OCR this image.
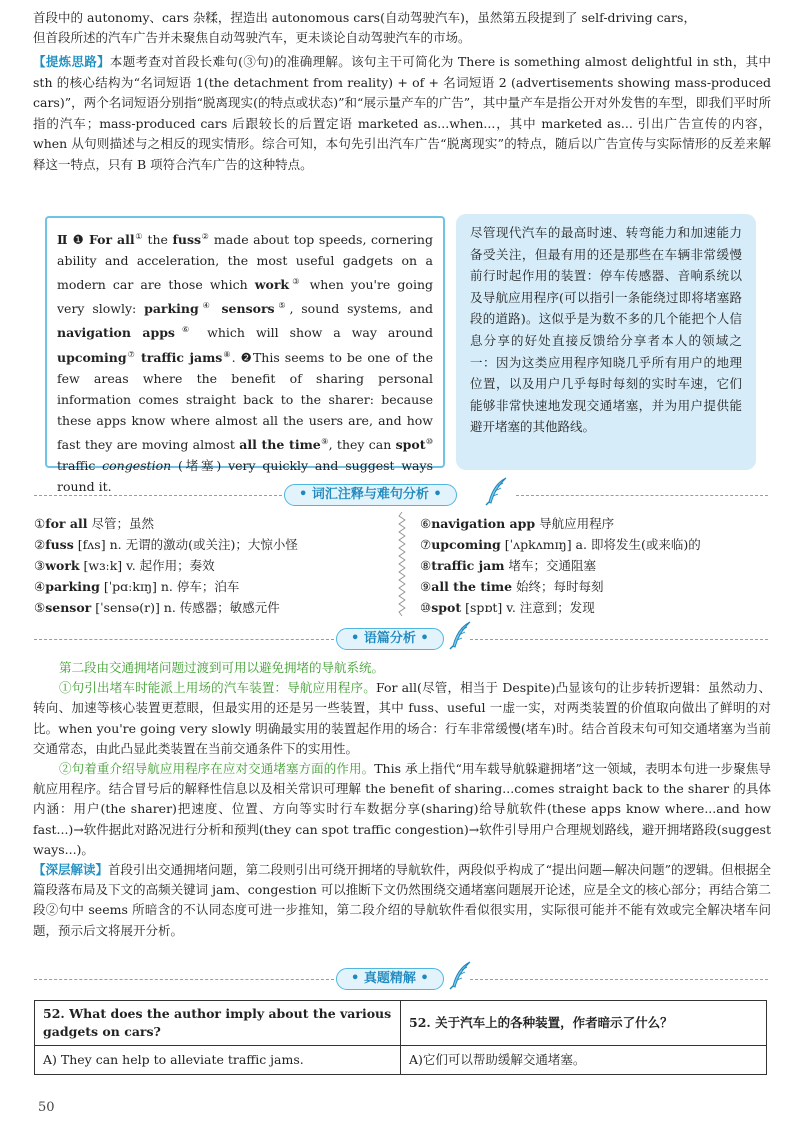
首段中的 autonomy、cars 杂糅，捏造出 autonomous cars(自动驾驶汽车)，虽然第五段提到了 self-driving cars，
但首段所述的汽车广告并未聚焦自动驾驶汽车，更未谈论自动驾驶汽车的市场。
【提炼思路】本题考查对首段长难句(③句)的准确理解。该句主干可简化为 There is something almost delightful in sth，其中 sth 的核心结构为“名词短语 1(the detachment from reality) + of + 名词短语 2 (advertisements showing mass-produced cars)”，两个名词短语分别指“脱离现实(的特点或状态)”和“展示量产车的广告”，其中量产车是指公开对外发售的车型，即我们平时所指的汽车；mass-produced cars 后跟较长的后置定语 marketed as...when...，其中 marketed as... 引出广告宣传的内容，when 从句则描述与之相反的现实情形。综合可知，本句先引出汽车广告“脱离现实”的特点，随后以广告宣传与实际情形的反差来解释这一特点，只有 B 项符合汽车广告的这种特点。
Ⅱ ❶ For all① the fuss② made about top speeds, cornering ability and acceleration, the most useful gadgets on a modern car are those which work③ when you're going very slowly: parking④ sensors⑤, sound systems, and navigation apps⑥ which will show a way around upcoming⑦ traffic jams⑧. ❷This seems to be one of the few areas where the benefit of sharing personal information comes straight back to the sharer: because these apps know where almost all the users are, and how fast they are moving almost all the time⑨, they can spot⑩ traffic congestion (堵塞) very quickly and suggest ways round it.
尽管现代汽车的最高时速、转弯能力和加速能力备受关注，但最有用的还是那些在车辆非常缓慢前行时起作用的装置：停车传感器、音响系统以及导航应用程序(可以指引一条能绕过即将堵塞路段的道路)。这似乎是为数不多的几个能把个人信息分享的好处直接反馈给分享者本人的领域之一：因为这类应用程序知晓几乎所有用户的地理位置，以及用户几乎每时每刻的实时车速，它们能够非常快速地发现交通堵塞，并为用户提供能避开堵塞的其他路线。
• 词汇注释与难句分析 •
①for all 尽管；虽然
②fuss [fʌs] n. 无谓的激动(或关注)；大惊小怪
③work [wɜːk] v. 起作用；奏效
④parking [ˈpɑːkɪŋ] n. 停车；泊车
⑤sensor [ˈsensə(r)] n. 传感器；敏感元件
⑥navigation app 导航应用程序
⑦upcoming [ˈʌpkʌmɪŋ] a. 即将发生(或来临)的
⑧traffic jam 堵车；交通阻塞
⑨all the time 始终；每时每刻
⑩spot [spɒt] v. 注意到；发现
• 语篇分析 •
第二段由交通拥堵问题过渡到可用以避免拥堵的导航系统。
①句引出堵车时能派上用场的汽车装置：导航应用程序。For all(尽管，相当于 Despite)凸显该句的让步转折逻辑：虽然动力、转向、加速等核心装置更惹眼，但最实用的还是另一些装置，其中 fuss、useful 一虚一实，对两类装置的价值取向做出了鲜明的对比。when you're going very slowly 明确最实用的装置起作用的场合：行车非常缓慢(堵车)时。结合首段末句可知交通堵塞为当前交通常态，由此凸显此类装置在当前交通条件下的实用性。
②句着重介绍导航应用程序在应对交通堵塞方面的作用。This 承上指代“用车载导航躲避拥堵”这一领域，表明本句进一步聚焦导航应用程序。结合冒号后的解释性信息以及相关常识可理解 the benefit of sharing...comes straight back to the sharer 的具体内涵：用户(the sharer)把速度、位置、方向等实时行车数据分享(sharing)给导航软件(these apps know where...and how fast...)→软件据此对路况进行分析和预判(they can spot traffic congestion)→软件引导用户合理规划路线，避开拥堵路段(suggest ways...)。
【深层解读】首段引出交通拥堵问题，第二段则引出可绕开拥堵的导航软件，两段似乎构成了“提出问题—解决问题”的逻辑。但根据全篇段落布局及下文的高频关键词 jam、congestion 可以推断下文仍然围绕交通堵塞问题展开论述，应是全文的核心部分；再结合第二段②句中 seems 所暗含的不认同态度可进一步推知，第二段介绍的导航软件看似很实用，实际很可能并不能有效或完全解决堵车问题，预示后文将展开分析。
• 真题精解 •
52. What does the author imply about the various gadgets on cars?	52. 关于汽车上的各种装置，作者暗示了什么？
A) They can help to alleviate traffic jams.	A)它们可以帮助缓解交通堵塞。
50
